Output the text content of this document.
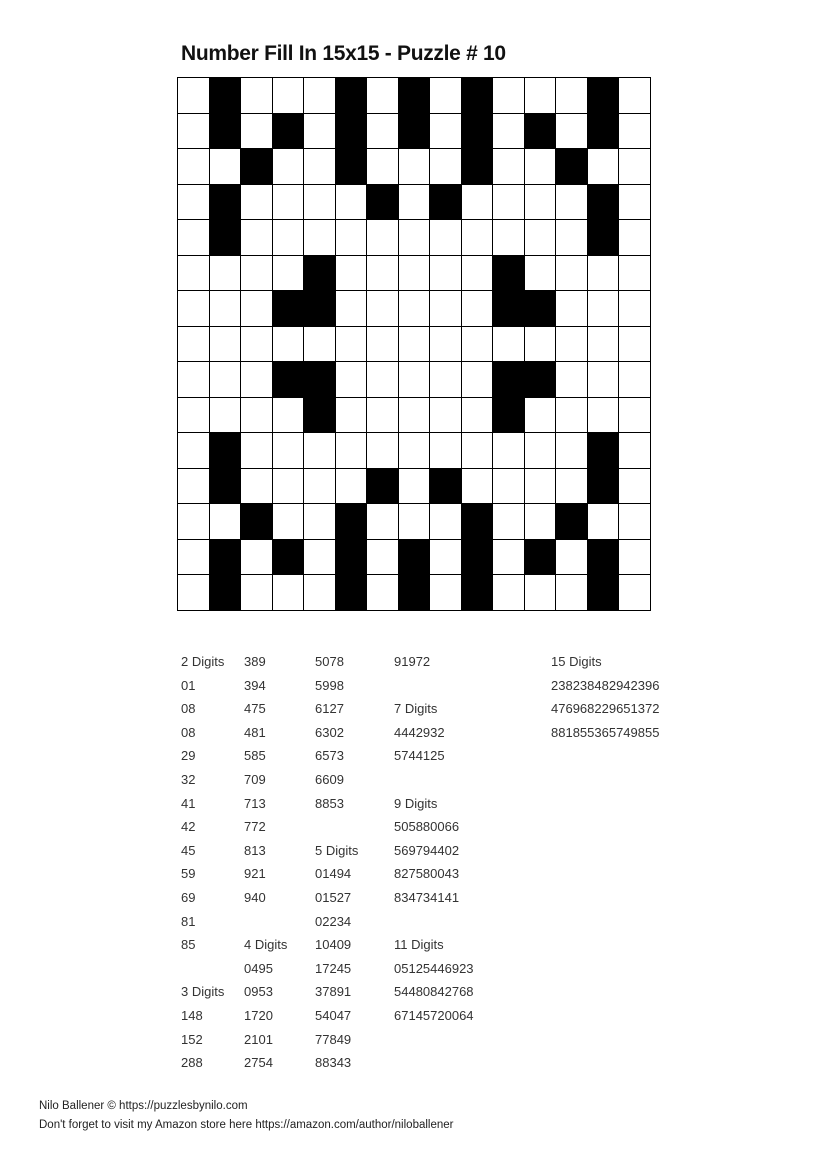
Number Fill In 15x15 - Puzzle # 10
2 Digits
01
08
08
29
32
41
42
45
59
69
81
85
3 Digits
148
152
288
389
394
475
481
585
709
713
772
813
921
940
4 Digits
0495
0953
1720
2101
2754
5078
5998
6127
6302
6573
6609
8853
5 Digits
01494
01527
02234
10409
17245
37891
54047
77849
88343
91972
7 Digits
4442932
5744125
9 Digits
505880066
569794402
827580043
834734141
11 Digits
05125446923
54480842768
67145720064
15 Digits
238238482942396
476968229651372
881855365749855
Nilo Ballener © https://puzzlesbynilo.com
Don't forget to visit my Amazon store here https://amazon.com/author/niloballener
